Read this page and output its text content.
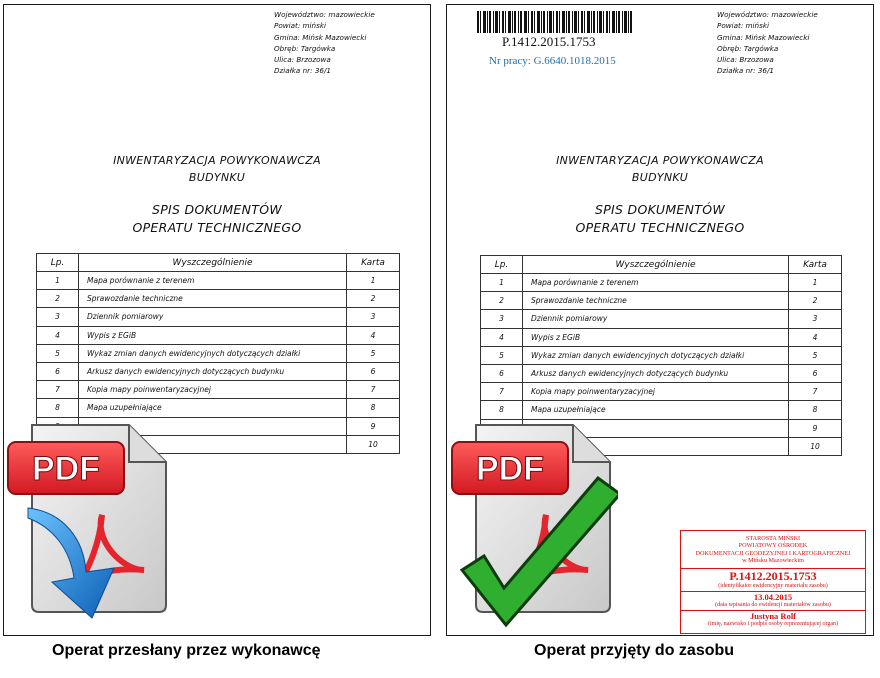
Województwo: mazowieckie
Powiat: miński
Gmina: Mińsk Mazowiecki
Obręb: Targówka
Ulica: Brzozowa
Działka nr: 36/1
INWENTARYZACJA POWYKONAWCZA
BUDYNKU
SPIS DOKUMENTÓW
OPERATU TECHNICZNEGO
Lp.	Wyszczególnienie	Karta
1	Mapa porównanie z terenem	1
2	Sprawozdanie techniczne	2
3	Dziennik pomiarowy	3
4	Wypis z EGiB	4
5	Wykaz zmian danych ewidencyjnych dotyczących działki	5
6	Arkusz danych ewidencyjnych dotyczących budynku	6
7	Kopia mapy poinwentaryzacyjnej	7
8	Mapa uzupełniające	8
		9
		10
P.1412.2015.1753
Nr pracy: G.6640.1018.2015
Województwo: mazowieckie
Powiat: miński
Gmina: Mińsk Mazowiecki
Obręb: Targówka
Ulica: Brzozowa
Działka nr: 36/1
INWENTARYZACJA POWYKONAWCZA
BUDYNKU
SPIS DOKUMENTÓW
OPERATU TECHNICZNEGO
Lp.	Wyszczególnienie	Karta
1	Mapa porównanie z terenem	1
2	Sprawozdanie techniczne	2
3	Dziennik pomiarowy	3
4	Wypis z EGiB	4
5	Wykaz zmian danych ewidencyjnych dotyczących działki	5
6	Arkusz danych ewidencyjnych dotyczących budynku	6
7	Kopia mapy poinwentaryzacyjnej	7
8	Mapa uzupełniające	8
		9
		10
STAROSTA MIŃSKI
POWIATOWY OŚRODEK
DOKUMENTACJI GEODEZYJNEJ I KARTOGRAFICZNEJ
w Mińsku Mazowieckim
P.1412.2015.1753
(identyfikator ewidencyjny materiału zasobu)
13.04.2015
(data wpisania do ewidencji materiałów zasobu)
Justyna Rolf
(imię, nazwisko i podpis osoby reprezentującej organ)
PDF	PDF
Operat przesłany przez wykonawcę	Operat przyjęty do zasobu
